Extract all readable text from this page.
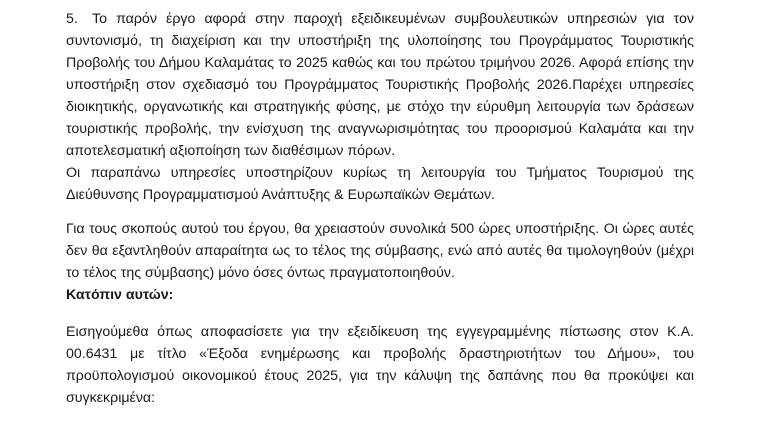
5. Το παρόν έργο αφορά στην παροχή εξειδικευμένων συμβουλευτικών υπηρεσιών για τον συντονισμό, τη διαχείριση και την υποστήριξη της υλοποίησης του Προγράμματος Τουριστικής Προβολής του Δήμου Καλαμάτας το 2025 καθώς και του πρώτου τριμήνου 2026. Αφορά επίσης την υποστήριξη στον σχεδιασμό του Προγράμματος Τουριστικής Προβολής 2026.Παρέχει υπηρεσίες διοικητικής, οργανωτικής και στρατηγικής φύσης, με στόχο την εύρυθμη λειτουργία των δράσεων τουριστικής προβολής, την ενίσχυση της αναγνωρισιμότητας του προορισμού Καλαμάτα και την αποτελεσματική αξιοποίηση των διαθέσιμων πόρων.

Οι παραπάνω υπηρεσίες υποστηρίζουν κυρίως τη λειτουργία του Τμήματος Τουρισμού της Διεύθυνσης Προγραμματισμού Ανάπτυξης & Ευρωπαϊκών Θεμάτων.

Για τους σκοπούς αυτού του έργου, θα χρειαστούν συνολικά 500 ώρες υποστήριξης. Οι ώρες αυτές δεν θα εξαντληθούν απαραίτητα ως το τέλος της σύμβασης, ενώ από αυτές θα τιμολογηθούν (μέχρι το τέλος της σύμβασης) μόνο όσες όντως πραγματοποιηθούν.

Κατόπιν αυτών:

Εισηγούμεθα όπως αποφασίσετε για την εξειδίκευση της εγγεγραμμένης πίστωσης στον Κ.Α. 00.6431 με τίτλο «Έξοδα ενημέρωσης και προβολής δραστηριοτήτων του Δήμου», του προϋπολογισμού οικονομικού έτους 2025, για την κάλυψη της δαπάνης που θα προκύψει και συγκεκριμένα:
